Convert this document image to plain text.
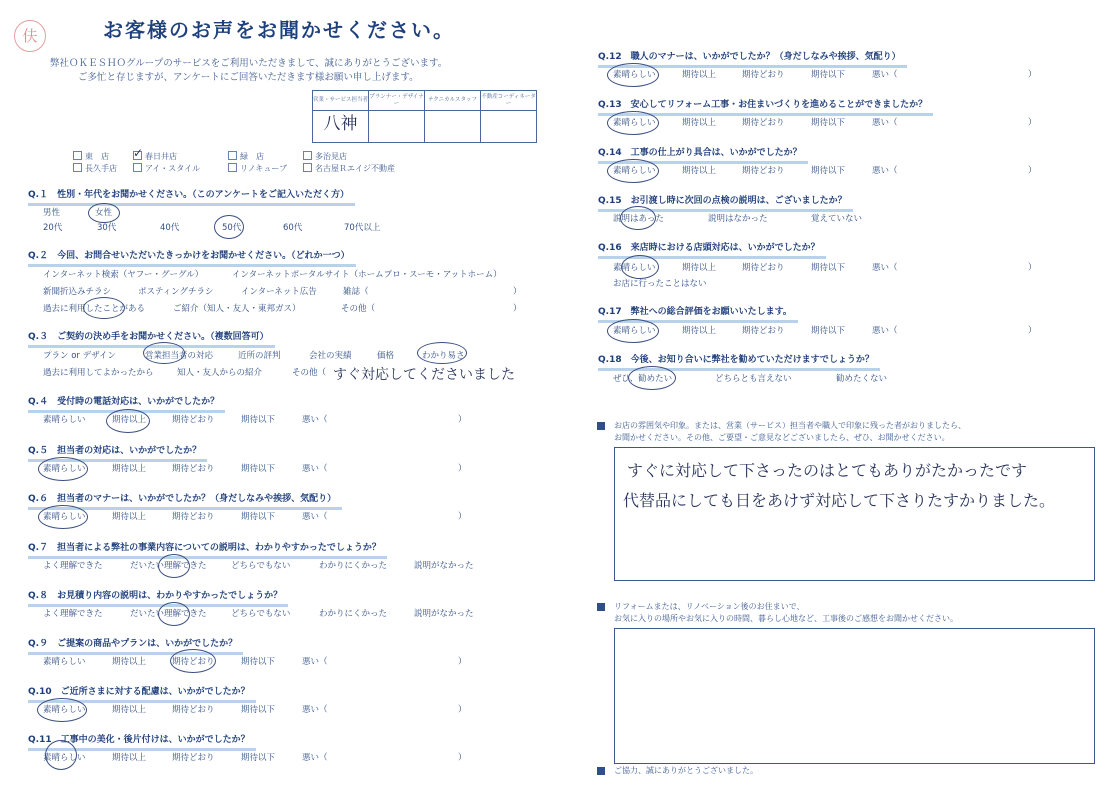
伕	お客様のお声をお聞かせください。
弊社ＯＫＥＳＨＯグループのサービスをご利用いただきまして、誠にありがとうございます。
ご多忙と存じますが、アンケートにご回答いただきます様お願い申し上げます。
営業・サービス担当者	プランナー・デザイナー	テクニカルスタッフ	不動産コーディネーター
八神			
東　店 ✓ 春日井店	緑　店	多治見店
長久手店	アイ・スタイル	リノキューブ	名古屋Ｒエイジ不動産
Q.１　性別・年代をお聞かせください。（このアンケートをご記入いただく方）
男性	女性
20代	30代	40代	50代	60代	70代以上
Q.２　今回、お問合せいただいたきっかけをお聞かせください。（どれか一つ）
インターネット検索（ヤフー・グーグル）	インターネットポータルサイト（ホームプロ・スーモ・アットホーム）
新聞折込みチラシ	ポスティングチラシ	インターネット広告	雑誌（	）
過去に利用したことがある	ご紹介（知人・友人・東邦ガス）	その他（	）
Q.３　ご契約の決め手をお聞かせください。（複数回答可）
プラン or デザイン	営業担当者の対応	近所の評判	会社の実績	価格	わかり易さ
過去に利用してよかったから	知人・友人からの紹介	その他（ すぐ対応してくださいました
Q.４　受付時の電話対応は、いかがでしたか？
素晴らしい	期待以上	期待どおり	期待以下	悪い（	）
Q.５　担当者の対応は、いかがでしたか？
素晴らしい	期待以上	期待どおり	期待以下	悪い（	）
Q.６　担当者のマナーは、いかがでしたか？（身だしなみや挨拶、気配り）
素晴らしい	期待以上	期待どおり	期待以下	悪い（	）
Q.７　担当者による弊社の事業内容についての説明は、わかりやすかったでしょうか？
よく理解できた	だいたい理解できた	どちらでもない	わかりにくかった	説明がなかった
Q.８　お見積り内容の説明は、わかりやすかったでしょうか？
よく理解できた	だいたい理解できた	どちらでもない	わかりにくかった	説明がなかった
Q.９　ご提案の商品やプランは、いかがでしたか？
素晴らしい	期待以上	期待どおり	期待以下	悪い（	）
Q.10　ご近所さまに対する配慮は、いかがでしたか？
素晴らしい	期待以上	期待どおり	期待以下	悪い（	）
Q.11　工事中の美化・後片付けは、いかがでしたか？
素晴らしい	期待以上	期待どおり	期待以下	悪い（	）
Q.12　職人のマナーは、いかがでしたか？（身だしなみや挨拶、気配り）
素晴らしい	期待以上	期待どおり	期待以下	悪い（	）
Q.13　安心してリフォーム工事・お住まいづくりを進めることができましたか？
素晴らしい	期待以上	期待どおり	期待以下	悪い（	）
Q.14　工事の仕上がり具合は、いかがでしたか？
素晴らしい	期待以上	期待どおり	期待以下	悪い（	）
Q.15　お引渡し時に次回の点検の説明は、ございましたか？
説明はあった	説明はなかった	覚えていない
Q.16　来店時における店頭対応は、いかがでしたか？
素晴らしい	期待以上	期待どおり	期待以下	悪い（	）
お店に行ったことはない
Q.17　弊社への総合評価をお願いいたします。
素晴らしい	期待以上	期待どおり	期待以下	悪い（	）
Q.18　今後、お知り合いに弊社を勧めていただけますでしょうか？
ぜひ、勧めたい	どちらとも言えない	勧めたくない
お店の雰囲気や印象。または、営業（サービス）担当者や職人で印象に残った者がおりましたら、
お聞かせください。その他、ご要望・ご意見などございましたら、ぜひ、お聞かせください。
すぐに対応して下さったのはとてもありがたかったです
代替品にしても日をあけず対応して下さりたすかりました。
リフォームまたは、リノベーション後のお住まいで、
お気に入りの場所やお気に入りの時間、暮らし心地など、工事後のご感想をお聞かせください。
ご協力、誠にありがとうございました。
